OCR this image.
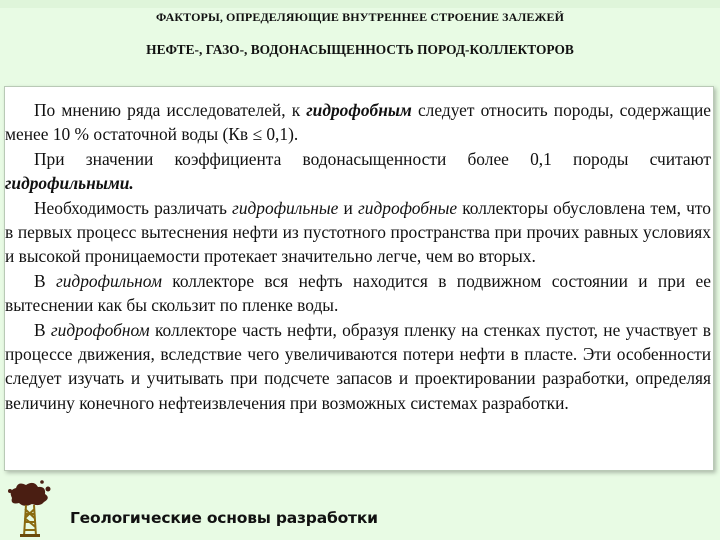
ФАКТОРЫ, ОПРЕДЕЛЯЮЩИЕ ВНУТРЕННЕЕ СТРОЕНИЕ ЗАЛЕЖЕЙ
НЕФТЕ-, ГАЗО-, ВОДОНАСЫЩЕННОСТЬ ПОРОД-КОЛЛЕКТОРОВ

По мнению ряда исследователей, к гидрофобным следует относить породы, содержащие менее 10 % остаточной воды (Кв ≤ 0,1).

При значении коэффициента водонасыщенности более 0,1 породы считают гидрофильными.

Необходимость различать гидрофильные и гидрофобные коллекторы обусловлена тем, что в первых процесс вытеснения нефти из пустотного пространства при прочих равных условиях и высокой проницаемости протекает значительно легче, чем во вторых.

В гидрофильном коллекторе вся нефть находится в подвижном состоянии и при ее вытеснении как бы скользит по пленке воды.

В гидрофобном коллекторе часть нефти, образуя пленку на стенках пустот, не участвует в процессе движения, вследствие чего увеличиваются потери нефти в пласте. Эти особенности следует изучать и учитывать при подсчете запасов и проектировании разработки, определяя величину конечного нефтеизвлечения при возможных системах разработки.

Геологические основы разработки
